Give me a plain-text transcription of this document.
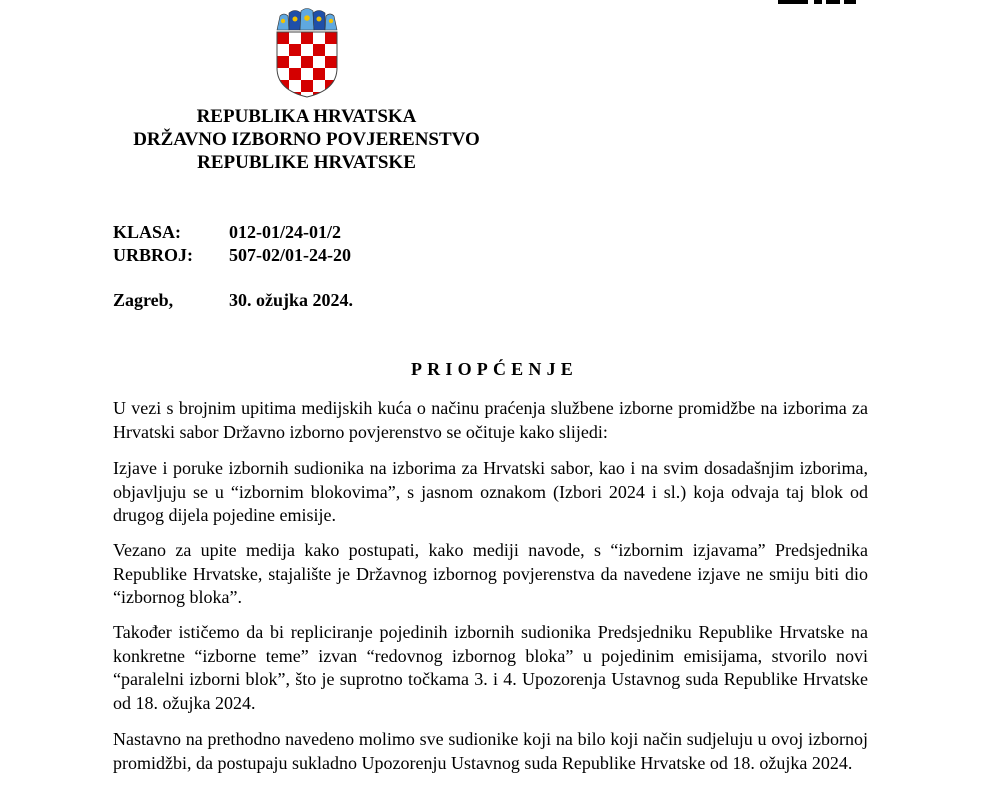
REPUBLIKA HRVATSKA
DRŽAVNO IZBORNO POVJERENSTVO
REPUBLIKE HRVATSKE
KLASA:	012-01/24-01/2
URBROJ: 507-02/01-24-20
Zagreb,	30. ožujka 2024.
PRIOPĆENJE
U vezi s brojnim upitima medijskih kuća o načinu praćenja službene izborne promidžbe na izborima za Hrvatski sabor Državno izborno povjerenstvo se očituje kako slijedi:
Izjave i poruke izbornih sudionika na izborima za Hrvatski sabor, kao i na svim dosadašnjim izborima, objavljuju se u “izbornim blokovima”, s jasnom oznakom (Izbori 2024 i sl.) koja odvaja taj blok od drugog dijela pojedine emisije.
Vezano za upite medija kako postupati, kako mediji navode, s “izbornim izjavama” Predsjednika Republike Hrvatske, stajalište je Državnog izbornog povjerenstva da navedene izjave ne smiju biti dio “izbornog bloka”.
Također ističemo da bi repliciranje pojedinih izbornih sudionika Predsjedniku Republike Hrvatske na konkretne “izborne teme” izvan “redovnog izbornog bloka” u pojedinim emisijama, stvorilo novi “paralelni izborni blok”, što je suprotno točkama 3. i 4. Upozorenja Ustavnog suda Republike Hrvatske od 18. ožujka 2024.
Nastavno na prethodno navedeno molimo sve sudionike koji na bilo koji način sudjeluju u ovoj izbornoj promidžbi, da postupaju sukladno Upozorenju Ustavnog suda Republike Hrvatske od 18. ožujka 2024.
